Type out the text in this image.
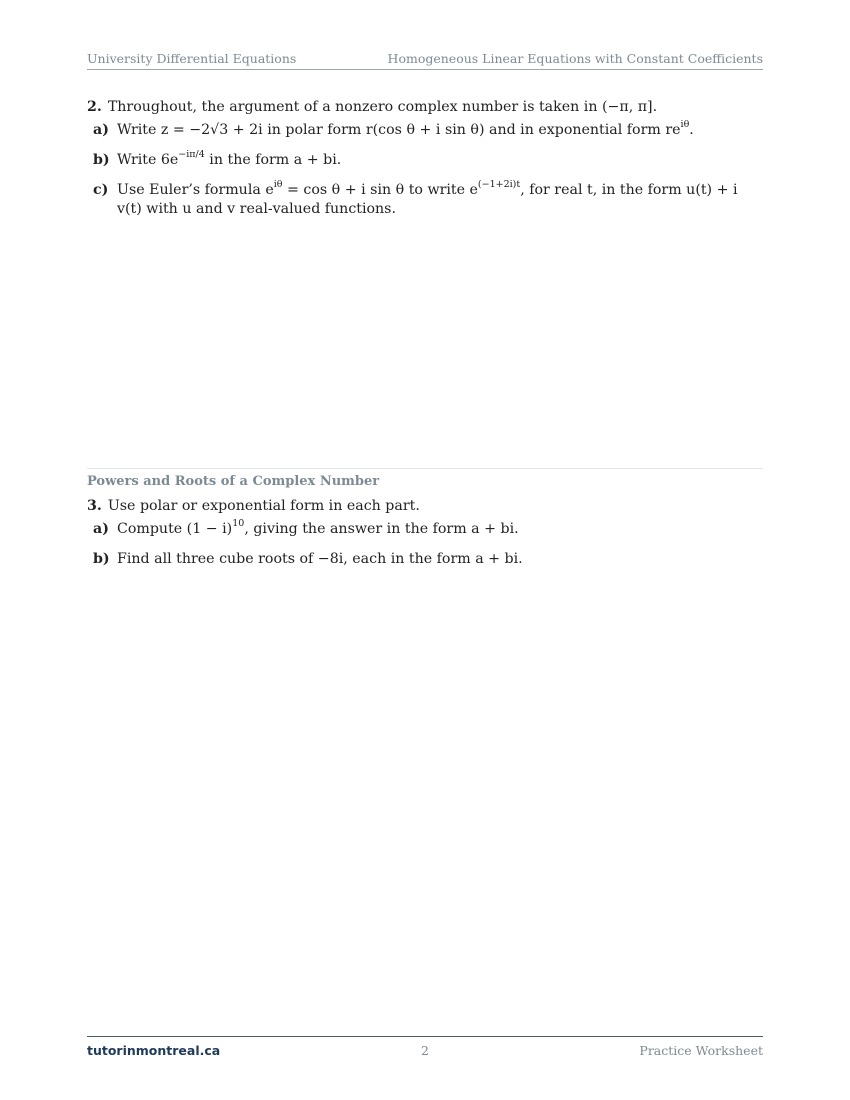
University Differential Equations	Homogeneous Linear Equations with Constant Coefficients

2. Throughout, the argument of a nonzero complex number is taken in (−π, π].

a) Write z = −2√3 + 2i in polar form r(cos θ + i sin θ) and in exponential form $re^{i\theta}$.
b) Write $6e^{-i\pi/4}$ in the form a + bi.
c) Use Euler’s formula $e^{i\theta} = \cos \theta + i$ sin θ to write $e^{(-1+2i)t}$, for real t, in the form u(t) + i v(t) with u and v real-valued functions.
Powers and Roots of a Complex Number

3. Use polar or exponential form in each part.

a) Compute $(1 - i)^{10}$, giving the answer in the form a + bi.
b) Find all three cube roots of −8i, each in the form a + bi.
tutorinmontreal.ca	2	Practice Worksheet
